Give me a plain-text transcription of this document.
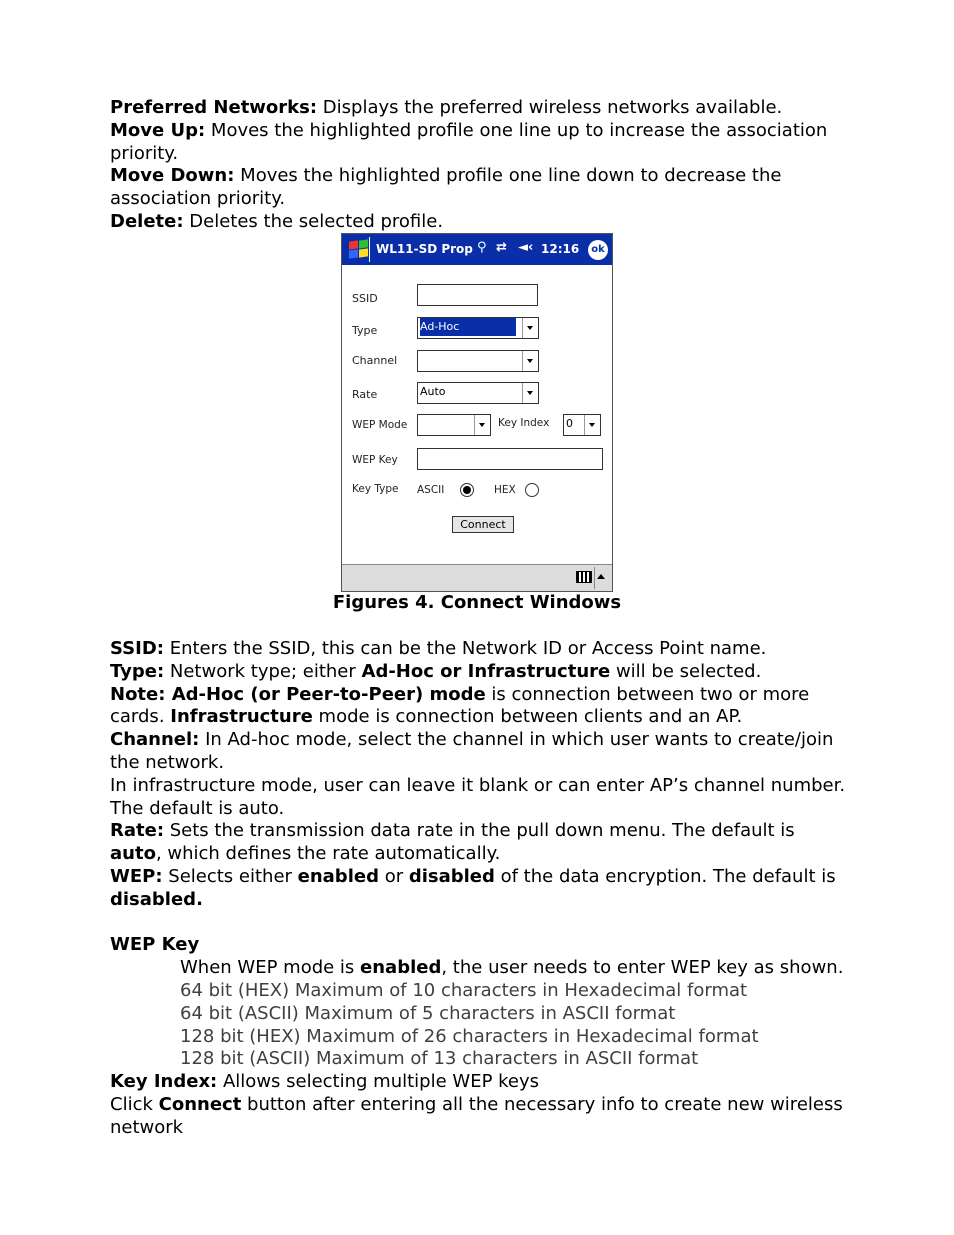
Preferred Networks: Displays the preferred wireless networks available.

Move Up: Moves the highlighted profile one line up to increase the association priority.

Move Down: Moves the highlighted profile one line down to decrease the association priority.

Delete: Deletes the selected profile.

WL11-SD Prop ⚲ ⇄ ◄‹ 12:16	ok
SSID
Type	Ad-Hoc
Channel
Rate	Auto
WEP Mode	Key Index 0
WEP Key
Key Type ASCII	HEX
Connect
Figures 4. Connect Windows

SSID: Enters the SSID, this can be the Network ID or Access Point name.

Type: Network type; either Ad-Hoc or Infrastructure will be selected.

Note: Ad-Hoc (or Peer-to-Peer) mode is connection between two or more cards. Infrastructure mode is connection between clients and an AP.

Channel: In Ad-hoc mode, select the channel in which user wants to create/join the network.

In infrastructure mode, user can leave it blank or can enter AP’s channel number. The default is auto.

Rate: Sets the transmission data rate in the pull down menu. The default is auto, which defines the rate automatically.

WEP: Selects either enabled or disabled of the data encryption. The default is disabled.

WEP Key

When WEP mode is enabled, the user needs to enter WEP key as shown.

64 bit (HEX) Maximum of 10 characters in Hexadecimal format

64 bit (ASCII) Maximum of 5 characters in ASCII format

128 bit (HEX) Maximum of 26 characters in Hexadecimal format

128 bit (ASCII) Maximum of 13 characters in ASCII format

Key Index: Allows selecting multiple WEP keys

Click Connect button after entering all the necessary info to create new wireless network
